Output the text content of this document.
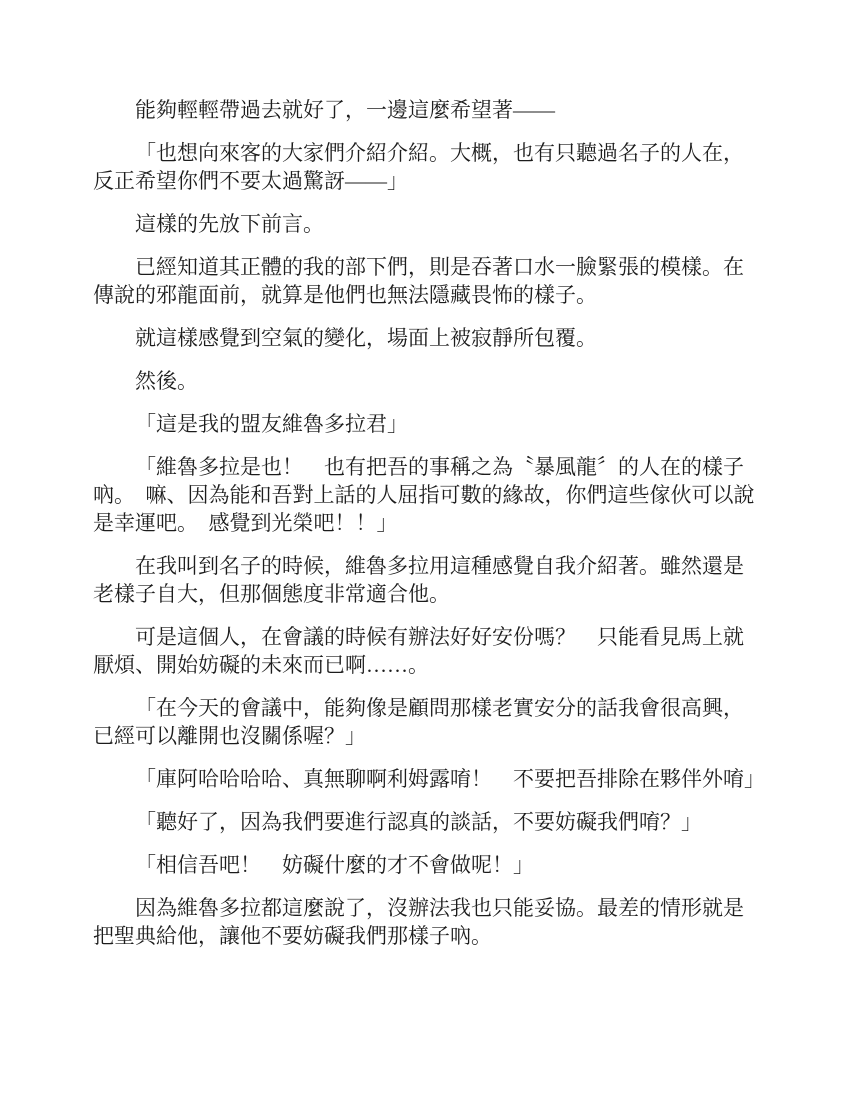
能夠輕輕帶過去就好了，一邊這麼希望著——

「也想向來客的大家們介紹介紹。大概，也有只聽過名子的人在，反正希望你們不要太過驚訝——」

這樣的先放下前言。

已經知道其正體的我的部下們，則是吞著口水一臉緊張的模樣。在傳說的邪龍面前，就算是他們也無法隱藏畏怖的樣子。

就這樣感覺到空氣的變化，場面上被寂靜所包覆。

然後。

「這是我的盟友維魯多拉君」

「維魯多拉是也！　也有把吾的事稱之為〝暴風龍〞的人在的樣子吶。　嘛、因為能和吾對上話的人屈指可數的緣故，你們這些傢伙可以說是幸運吧。　感覺到光榮吧！！」

在我叫到名子的時候，維魯多拉用這種感覺自我介紹著。雖然還是老樣子自大，但那個態度非常適合他。

可是這個人，在會議的時候有辦法好好安份嗎？　只能看見馬上就厭煩、開始妨礙的未來而已啊……。

「在今天的會議中，能夠像是顧問那樣老實安分的話我會很高興，已經可以離開也沒關係喔？」

「庫阿哈哈哈哈、真無聊啊利姆露唷！　不要把吾排除在夥伴外唷」

「聽好了，因為我們要進行認真的談話，不要妨礙我們唷？」

「相信吾吧！　妨礙什麼的才不會做呢！」

因為維魯多拉都這麼說了，沒辦法我也只能妥協。最差的情形就是把聖典給他，讓他不要妨礙我們那樣子吶。
